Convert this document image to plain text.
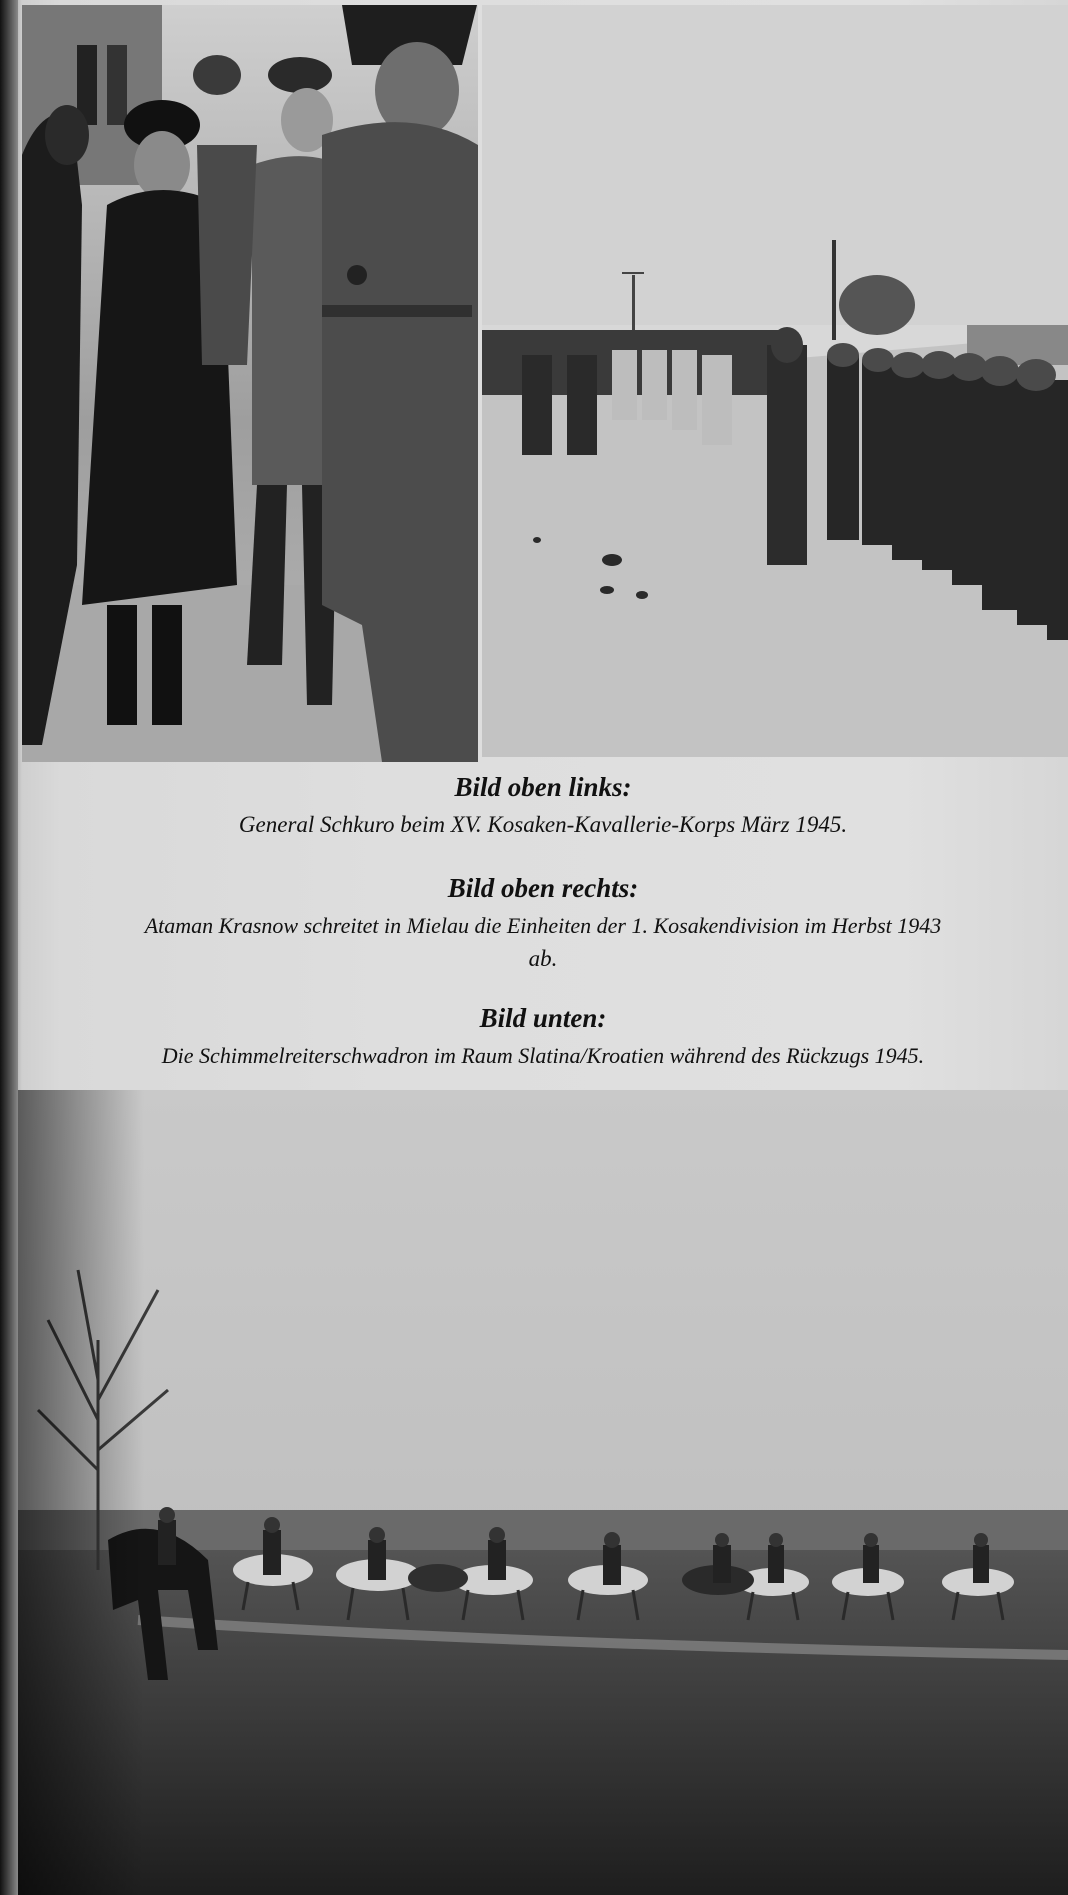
Bild oben links:
General Schkuro beim XV. Kosaken-Kavallerie-Korps März 1945.
Bild oben rechts:
Ataman Krasnow schreitet in Mielau die Einheiten der 1. Kosakendivision im Herbst 1943
ab.
Bild unten:
Die Schimmelreiterschwadron im Raum Slatina/Kroatien während des Rückzugs 1945.
